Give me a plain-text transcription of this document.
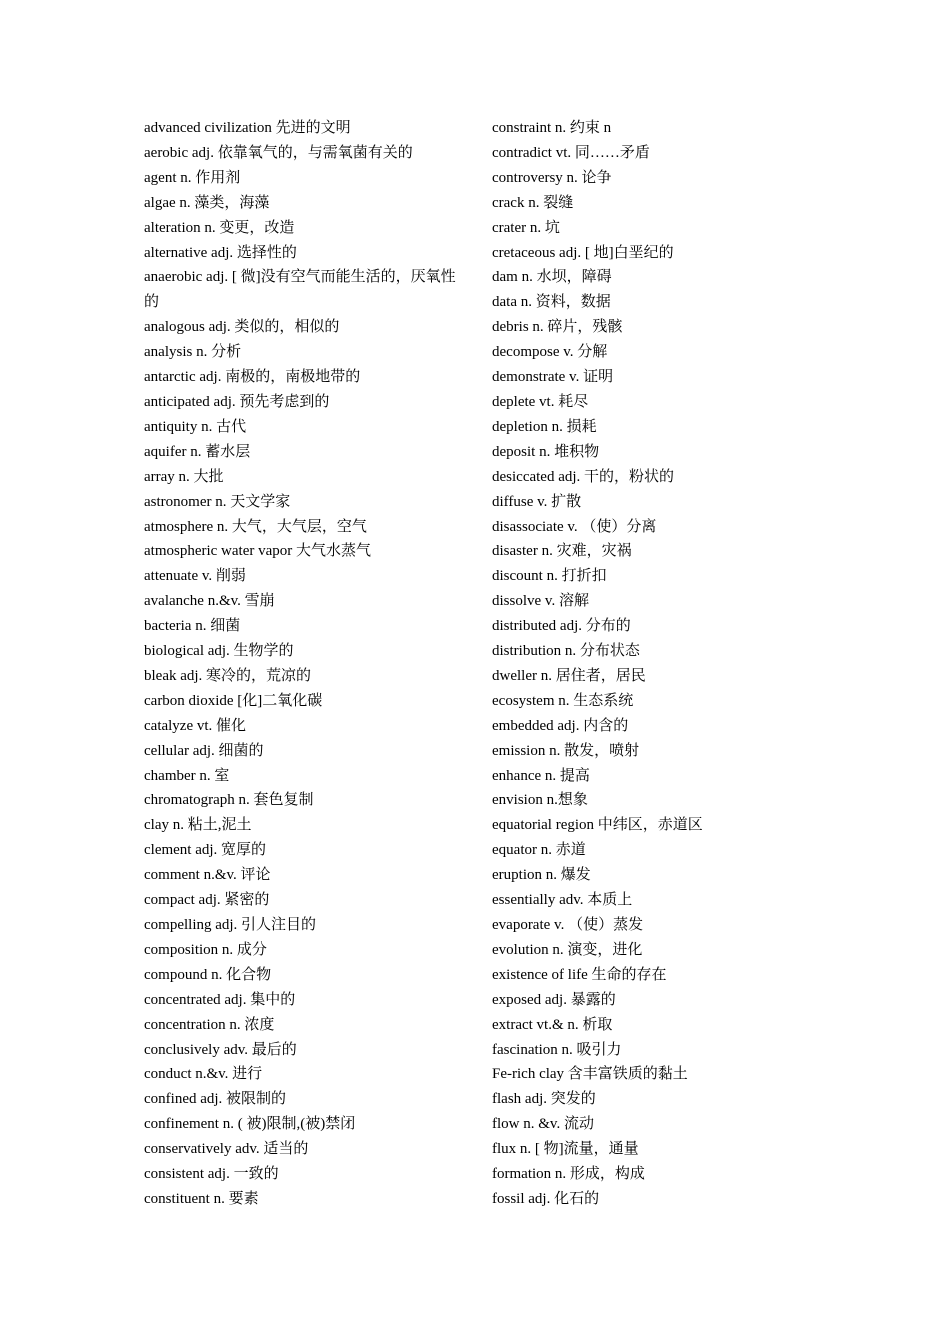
advanced civilization 先进的文明
aerobic adj. 依靠氧气的，与需氧菌有关的
agent n. 作用剂
algae n. 藻类，海藻
alteration n. 变更，改造
alternative adj. 选择性的
anaerobic adj. [ 微]没有空气而能生活的，厌氧性的
analogous adj. 类似的，相似的
analysis n. 分析
antarctic adj. 南极的，南极地带的
anticipated adj. 预先考虑到的
antiquity n. 古代
aquifer n. 蓄水层
array n. 大批
astronomer n. 天文学家
atmosphere n. 大气，大气层，空气
atmospheric water vapor 大气水蒸气
attenuate v. 削弱
avalanche n.&v. 雪崩
bacteria n. 细菌
biological adj. 生物学的
bleak adj. 寒冷的，荒凉的
carbon dioxide [化]二氧化碳
catalyze vt. 催化
cellular adj. 细菌的
chamber n. 室
chromatograph n. 套色复制
clay n. 粘土,泥土
clement adj. 宽厚的
comment n.&v. 评论
compact adj. 紧密的
compelling adj. 引人注目的
composition n. 成分
compound n. 化合物
concentrated adj. 集中的
concentration n. 浓度
conclusively adv. 最后的
conduct n.&v. 进行
confined adj. 被限制的
confinement n. ( 被)限制,(被)禁闭
conservatively adv. 适当的
consistent adj. 一致的
constituent n. 要素
constraint n. 约束 n
contradict vt. 同……矛盾
controversy n. 论争
crack n. 裂缝
crater n. 坑
cretaceous adj. [ 地]白垩纪的
dam n. 水坝，障碍
data n. 资料，数据
debris n. 碎片，残骸
decompose v. 分解
demonstrate v. 证明
deplete vt. 耗尽
depletion n. 损耗
deposit n. 堆积物
desiccated adj. 干的，粉状的
diffuse v. 扩散
disassociate v. （使）分离
disaster n. 灾难，灾祸
discount n. 打折扣
dissolve v. 溶解
distributed adj. 分布的
distribution n. 分布状态
dweller n. 居住者，居民
ecosystem n. 生态系统
embedded adj. 内含的
emission n. 散发，喷射
enhance n. 提高
envision n.想象
equatorial region 中纬区，赤道区
equator n. 赤道
eruption n. 爆发
essentially adv. 本质上
evaporate v. （使）蒸发
evolution n. 演变，进化
existence of life 生命的存在
exposed adj. 暴露的
extract vt.& n. 析取
fascination n. 吸引力
Fe-rich clay 含丰富铁质的黏土
flash adj. 突发的
flow n. &v. 流动
flux n. [ 物]流量，通量
formation n. 形成，构成
fossil adj. 化石的
